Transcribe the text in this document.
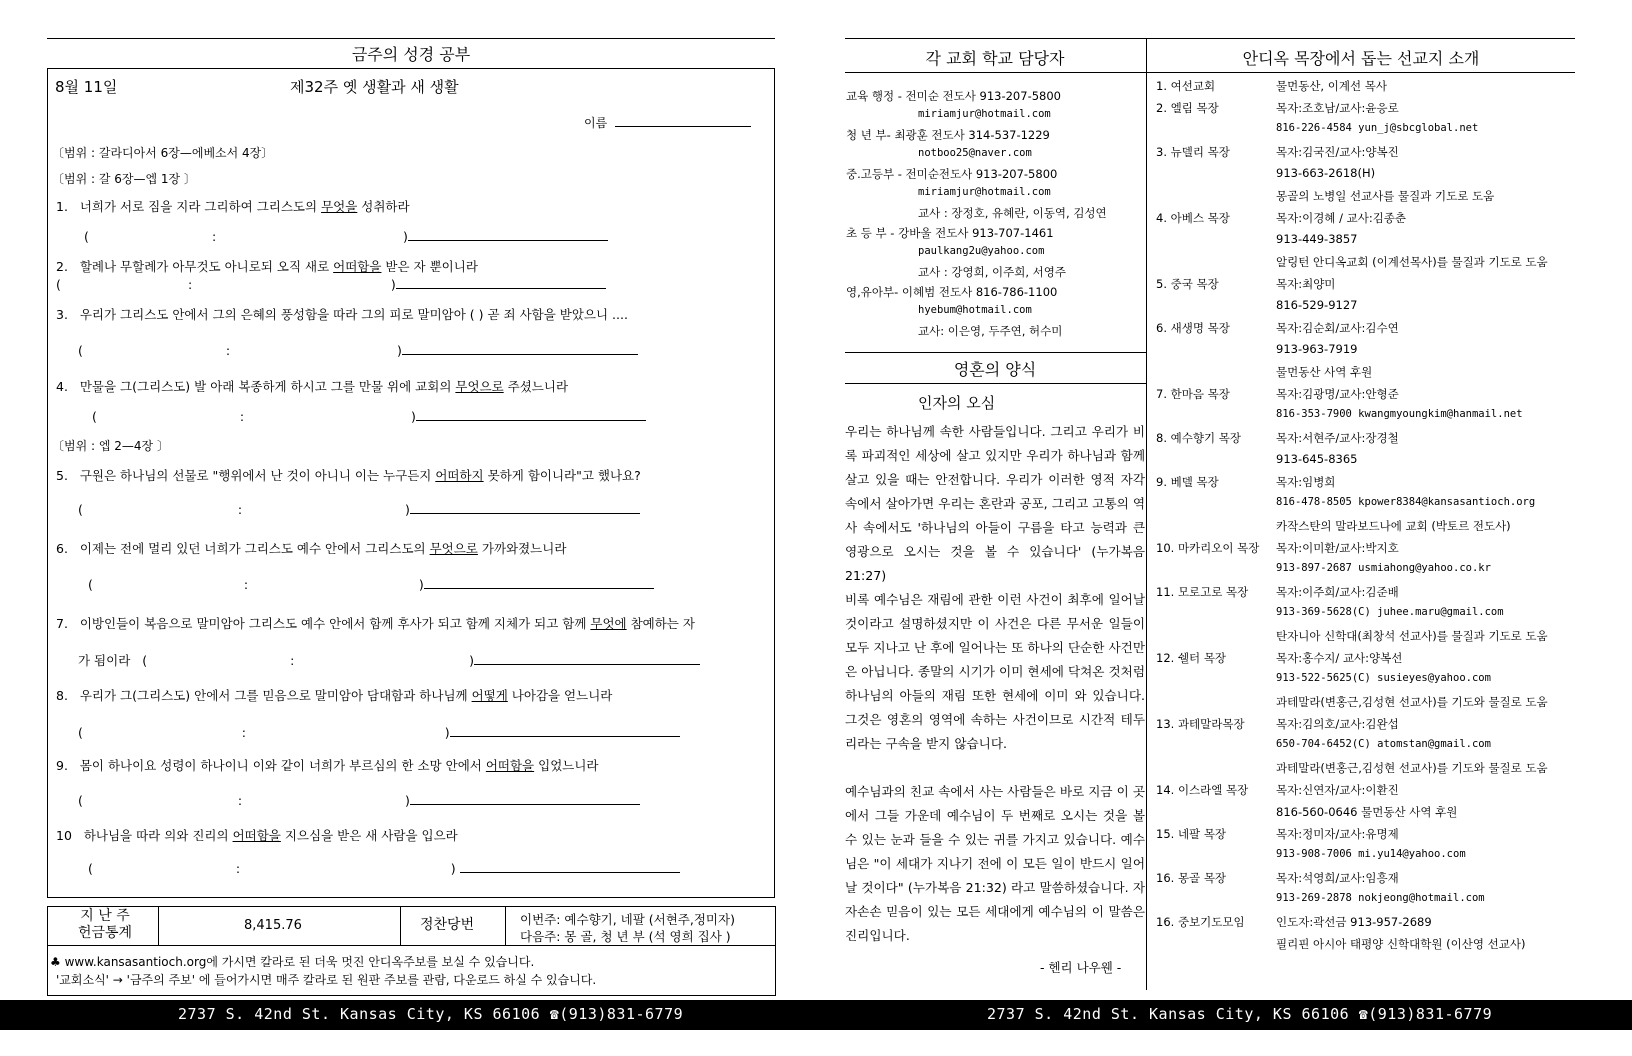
금주의 성경 공부
8월 11일	제32주 옛 생활과 새 생활
이름
〔범위 : 갈라디아서 6장—에베소서 4장〕
〔범위 : 갈 6장—엡 1장 〕
1. 너희가 서로 짐을 지라 그리하여 그리스도의 무엇을 성취하라
(                               :                                               )
2. 할례나 무할례가 아무것도 아니로되 오직 새로 어떠함을 받은 자 뿐이니라
(                                :                                                  )
3. 우리가 그리스도 안에서 그의 은혜의 풍성함을 따라 그의 피로 말미암아 ( ) 곧 죄 사함을 받았으니 ....
(                                    :                                          )
4. 만물을 그(그리스도) 발 아래 복종하게 하시고 그를 만물 위에 교회의 무엇으로 주셨느니라
(                                    :                                          )
〔범위 : 엡 2—4장 〕
5. 구원은 하나님의 선물로 "행위에서 난 것이 아니니 이는 누구든지 어떠하지 못하게 함이니라"고 했나요?
(                                       :                                         )
6. 이제는 전에 멀리 있던 너희가 그리스도 예수 안에서 그리스도의 무엇으로 가까와졌느니라
(                                      :                                           )
7. 이방인들이 복음으로 말미암아 그리스도 예수 안에서 함께 후사가 되고 함께 지체가 되고 함께 무엇에 참예하는 자
가 됨이라   (                                    :                                            )
8. 우리가 그(그리스도) 안에서 그를 믿음으로 말미암아 담대함과 하나님께 어떻게 나아감을 얻느니라
(                                        :                                                  )
9. 몸이 하나이요 성령이 하나이니 이와 같이 너희가 부르심의 한 소망 안에서 어떠함을 입었느니라
(                                       :                                         )
10 하나님을 따라 의와 진리의 어떠함을 지으심을 받은 새 사람을 입으라
(                                    :                                                     )
지 난 주
헌금통계	8,415.76	정찬당번	이번주: 예수향기, 네팔 (서현주,정미자)
다음주: 몽 골, 청 년 부 (석 영희 집사 )
♣ www.kansasantioch.org에 가시면 칼라로 된 더욱 멋진 안디옥주보를 보실 수 있습니다.
'교회소식' → '금주의 주보' 에 들어가시면 매주 칼라로 된 원판 주보를 관람, 다운로드 하실 수 있습니다.
각 교회 학교 담당자	안디옥 목장에서 돕는 선교지 소개
교육 행정 - 전미순 전도사 913-207-5800
miriamjur@hotmail.com
청 년 부- 최광훈 전도사 314-537-1229
notboo25@naver.com
중.고등부 - 전미순전도사 913-207-5800
miriamjur@hotmail.com
교사 : 장정호, 유혜란, 이동역, 김성연
초 등 부 - 강바울 전도사 913-707-1461
paulkang2u@yahoo.com
교사 : 강영희, 이주희, 서영주
영,유아부- 이혜범 전도사 816-786-1100
hyebum@hotmail.com
교사: 이은영, 두주연, 허수미
영혼의 양식
인자의 오심
우리는 하나님께 속한 사람들입니다. 그리고 우리가 비록 파괴적인 세상에 살고 있지만 우리가 하나님과 함께 살고 있을 때는 안전합니다. 우리가 이러한 영적 자각 속에서 살아가면 우리는 혼란과 공포, 그리고 고통의 역사 속에서도 '하나님의 아들이 구름을 타고 능력과 큰 영광으로 오시는 것을 볼 수 있습니다' (누가복음 21:27)
비록 예수님은 재림에 관한 이런 사건이 최후에 일어날 것이라고 설명하셨지만 이 사건은 다른 무서운 일들이 모두 지나고 난 후에 일어나는 또 하나의 단순한 사건만 은 아닙니다. 종말의 시기가 이미 현세에 닥쳐온 것처럼 하나님의 아들의 재림 또한 현세에 이미 와 있습니다. 그것은 영혼의 영역에 속하는 사건이므로 시간적 테두리라는 구속을 받지 않습니다.
예수님과의 친교 속에서 사는 사람들은 바로 지금 이 곳에서 그들 가운데 예수님이 두 번째로 오시는 것을 볼 수 있는 눈과 들을 수 있는 귀를 가지고 있습니다. 예수님은 "이 세대가 지나기 전에 이 모든 일이 반드시 일어날 것이다" (누가복음 21:32) 라고 말씀하셨습니다. 자자손손 믿음이 있는 모든 세대에게 예수님의 이 말씀은 진리입니다.
- 헨리 나우웬 -
1. 여선교회	물먼동산, 이계선 목사
2. 엘림 목장	목자:조호남/교사:윤응로
816-226-4584 yun_j@sbcglobal.net
3. 뉴델리 목장	목자:김국진/교사:양복진
913-663-2618(H)
몽골의 노병일 선교사를 물질과 기도로 도움
4. 아베스 목장	목자:이경혜 / 교사:김종춘
913-449-3857
알링턴 안디옥교회 (이계선목사)를 물질과 기도로 도움
5. 중국 목장	목자:최양미
816-529-9127
6. 새생명 목장	목자:김순회/교사:김수연
913-963-7919
물먼동산 사역 후원
7. 한마음 목장	목자:김광명/교사:안형준
816-353-7900 kwangmyoungkim@hanmail.net
8. 예수향기 목장	목자:서현주/교사:장경철
913-645-8365
9. 베델 목장	목자:임병희
816-478-8505 kpower8384@kansasantioch.org
카작스탄의 말라보드나에 교회 (박토르 전도사)
10. 마카리오이 목장 목자:이미환/교사:박지호
913-897-2687 usmiahong@yahoo.co.kr
11. 모로고로 목장 목자:이주희/교사:김준배
913-369-5628(C) juhee.maru@gmail.com
탄자니아 신학대(최창석 선교사)를 물질과 기도로 도움
12. 쉘터 목장	목자:홍수지/ 교사:양복선
913-522-5625(C) susieyes@yahoo.com
과테말라(변홍근,김성현 선교사)를 기도와 물질로 도움
13. 과테말라목장	목자:김의호/교사:김완섭
650-704-6452(C) atomstan@gmail.com
과테말라(변홍근,김성현 선교사)를 기도와 물질로 도움
14. 이스라엘 목장 목자:신연자/교사:이환진
816-560-0646 물먼동산 사역 후원
15. 네팔 목장	목자:정미자/교사:유명제
913-908-7006 mi.yu14@yahoo.com
16. 몽골 목장	목자:석영희/교사:임흥재
913-269-2878 nokjeong@hotmail.com
16. 중보기도모임	인도자:곽선금 913-957-2689
필리핀 아시아 태평양 신학대학원 (이산영 선교사)
2737 S. 42nd St. Kansas City, KS 66106 ☎(913)831-6779	2737 S. 42nd St. Kansas City, KS 66106 ☎(913)831-6779
